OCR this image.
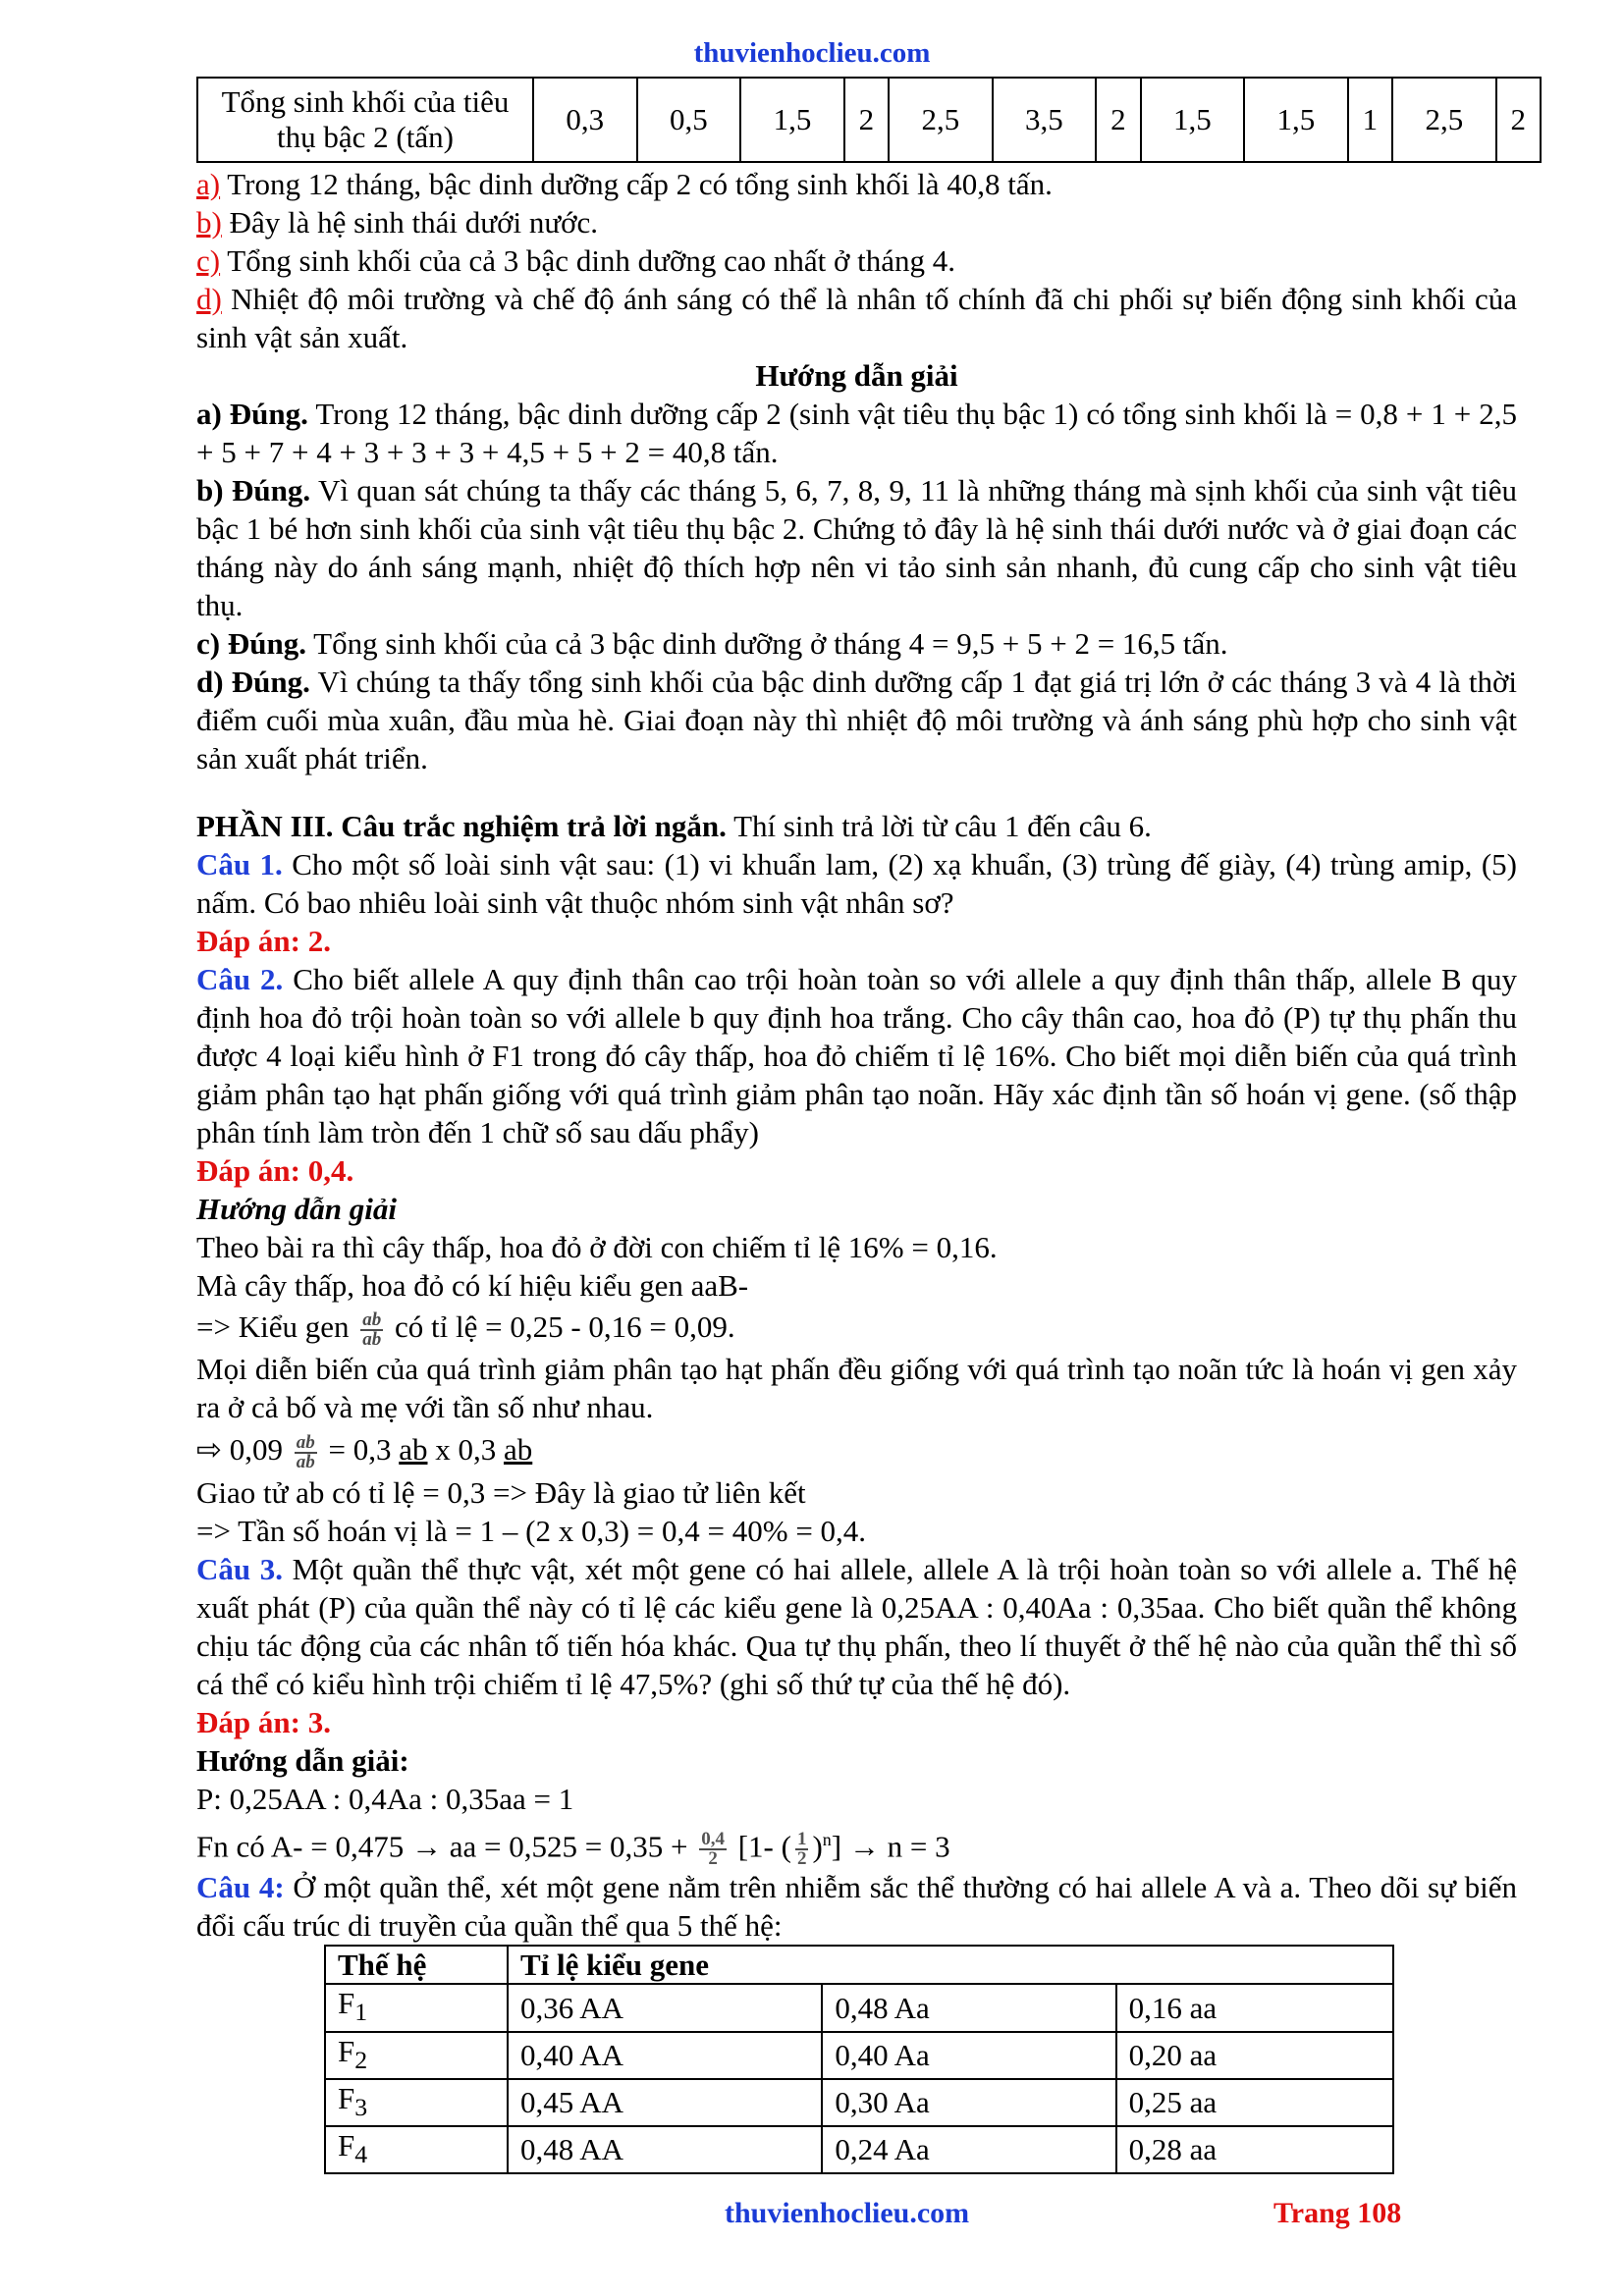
thuvienhoclieu.com
Tổng sinh khối của tiêu thụ bậc 2 (tấn)	0,3	0,5	1,5	2	2,5	3,5	2	1,5	1,5	1	2,5	2
a) Trong 12 tháng, bậc dinh dưỡng cấp 2 có tổng sinh khối là 40,8 tấn.
b) Đây là hệ sinh thái dưới nước.
c) Tổng sinh khối của cả 3 bậc dinh dưỡng cao nhất ở tháng 4.
d) Nhiệt độ môi trường và chế độ ánh sáng có thể là nhân tố chính đã chi phối sự biến động sinh khối của sinh vật sản xuất.
Hướng dẫn giải
a) Đúng. Trong 12 tháng, bậc dinh dưỡng cấp 2 (sinh vật tiêu thụ bậc 1) có tổng sinh khối là = 0,8 + 1 + 2,5 + 5 + 7 + 4 + 3 + 3 + 3 + 4,5 + 5 + 2 = 40,8 tấn.
b) Đúng. Vì quan sát chúng ta thấy các tháng 5, 6, 7, 8, 9, 11 là những tháng mà sịnh khối của sinh vật tiêu bậc 1 bé hơn sinh khối của sinh vật tiêu thụ bậc 2. Chứng tỏ đây là hệ sinh thái dưới nước và ở giai đoạn các tháng này do ánh sáng mạnh, nhiệt độ thích hợp nên vi tảo sinh sản nhanh, đủ cung cấp cho sinh vật tiêu thụ.
c) Đúng. Tổng sinh khối của cả 3 bậc dinh dưỡng ở tháng 4 = 9,5 + 5 + 2 = 16,5 tấn.
d) Đúng. Vì chúng ta thấy tổng sinh khối của bậc dinh dưỡng cấp 1 đạt giá trị lớn ở các tháng 3 và 4 là thời điểm cuối mùa xuân, đầu mùa hè. Giai đoạn này thì nhiệt độ môi trường và ánh sáng phù hợp cho sinh vật sản xuất phát triển.
PHẦN III. Câu trắc nghiệm trả lời ngắn. Thí sinh trả lời từ câu 1 đến câu 6.
Câu 1. Cho một số loài sinh vật sau: (1) vi khuẩn lam, (2) xạ khuẩn, (3) trùng đế giày, (4) trùng amip, (5) nấm. Có bao nhiêu loài sinh vật thuộc nhóm sinh vật nhân sơ?
Đáp án: 2.
Câu 2. Cho biết allele A quy định thân cao trội hoàn toàn so với allele a quy định thân thấp, allele B quy định hoa đỏ trội hoàn toàn so với allele b quy định hoa trắng. Cho cây thân cao, hoa đỏ (P) tự thụ phấn thu được 4 loại kiểu hình ở F1 trong đó cây thấp, hoa đỏ chiếm tỉ lệ 16%. Cho biết mọi diễn biến của quá trình giảm phân tạo hạt phấn giống với quá trình giảm phân tạo noãn. Hãy xác định tần số hoán vị gene. (số thập phân tính làm tròn đến 1 chữ số sau dấu phẩy)
Đáp án: 0,4.
Hướng dẫn giải
Theo bài ra thì cây thấp, hoa đỏ ở đời con chiếm tỉ lệ 16% = 0,16.
Mà cây thấp, hoa đỏ có kí hiệu kiểu gen aaB-
=> Kiểu gen $\frac{ab}{ab}$ có tỉ lệ = 0,25 - 0,16 = 0,09.
Mọi diễn biến của quá trình giảm phân tạo hạt phấn đều giống với quá trình tạo noãn tức là hoán vị gen xảy ra ở cả bố và mẹ với tần số như nhau.
⇨ $0,09 \frac{ab}{ab} = 0,3$ ab x 0,3 ab
Giao tử ab có tỉ lệ = 0,3 => Đây là giao tử liên kết
=> Tần số hoán vị là = 1 – (2 x 0,3) = 0,4 = 40% = 0,4.
Câu 3. Một quần thể thực vật, xét một gene có hai allele, allele A là trội hoàn toàn so với allele a. Thế hệ xuất phát (P) của quần thể này có tỉ lệ các kiểu gene là 0,25AA : 0,40Aa : 0,35aa. Cho biết quần thể không chịu tác động của các nhân tố tiến hóa khác. Qua tự thụ phấn, theo lí thuyết ở thế hệ nào của quần thể thì số cá thể có kiểu hình trội chiếm tỉ lệ 47,5%? (ghi số thứ tự của thế hệ đó).
Đáp án: 3.
Hướng dẫn giải:
P: 0,25AA : 0,4Aa : 0,35aa = 1
Fn có A- = 0,475 → aa = $0,525 = 0,35 + \frac{0,4}{2} [1-$ ( $\frac{1}{2} )^n] \to n = 3$
Câu 4: Ở một quần thể, xét một gene nằm trên nhiễm sắc thể thường có hai allele A và a. Theo dõi sự biến đổi cấu trúc di truyền của quần thể qua 5 thế hệ:
Thế hệ	Tỉ lệ kiểu gene		
$F_1$	0,36 AA	0,48 Aa	0,16 aa
$F_2$	0,40 AA	0,40 Aa	0,20 aa
$F_3$	0,45 AA	0,30 Aa	0,25 aa
$F_4$	0,48 AA	0,24 Aa	0,28 aa
thuvienhoclieu.com	Trang 108
